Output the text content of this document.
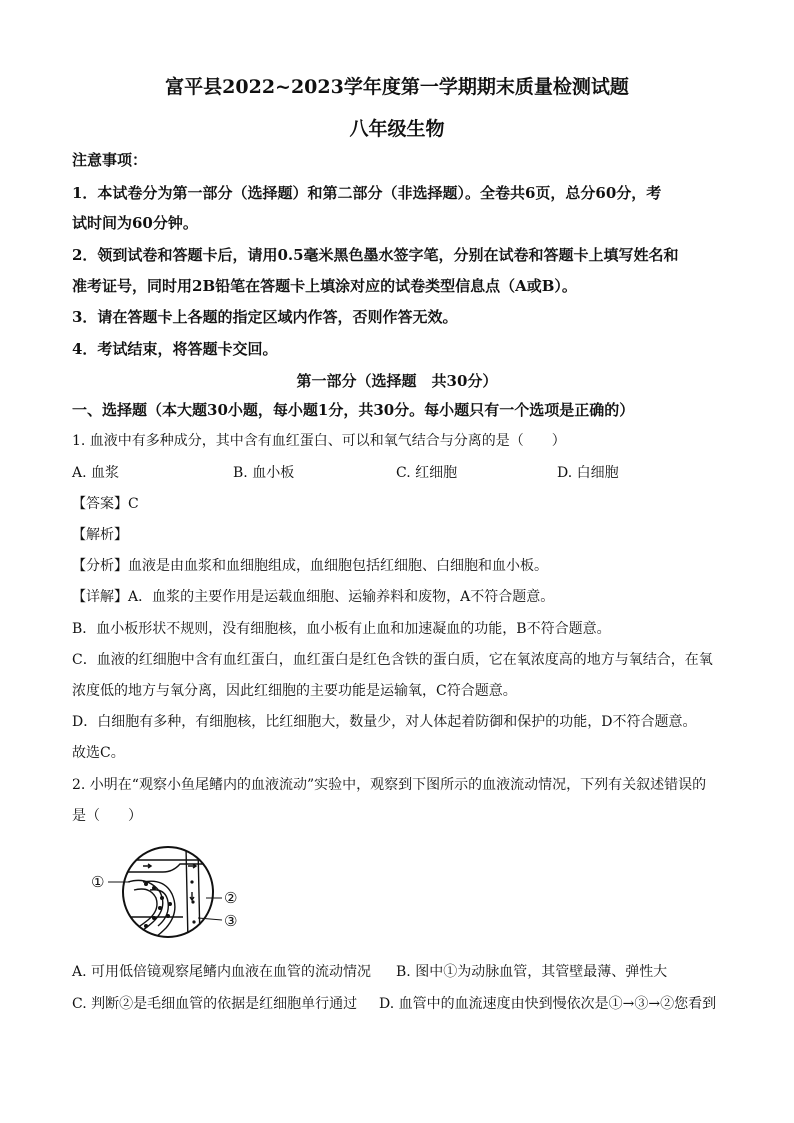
富平县2022~2023学年度第一学期期末质量检测试题
八年级生物
注意事项：
1．本试卷分为第一部分（选择题）和第二部分（非选择题）。全卷共6页，总分60分，考
试时间为60分钟。
2．领到试卷和答题卡后，请用0.5毫米黑色墨水签字笔，分别在试卷和答题卡上填写姓名和
准考证号，同时用2B铅笔在答题卡上填涂对应的试卷类型信息点（A或B）。
3．请在答题卡上各题的指定区域内作答，否则作答无效。
4．考试结束，将答题卡交回。
第一部分（选择题　共30分）
一、选择题（本大题30小题，每小题1分，共30分。每小题只有一个选项是正确的）
1. 血液中有多种成分，其中含有血红蛋白、可以和氧气结合与分离的是（　　）
A. 血浆	B. 血小板	C. 红细胞	D. 白细胞
【答案】C
【解析】
【分析】血液是由血浆和血细胞组成，血细胞包括红细胞、白细胞和血小板。
【详解】A．血浆的主要作用是运载血细胞、运输养料和废物，A不符合题意。
B．血小板形状不规则，没有细胞核，血小板有止血和加速凝血的功能，B不符合题意。
C．血液的红细胞中含有血红蛋白，血红蛋白是红色含铁的蛋白质，它在氧浓度高的地方与氧结合，在氧
浓度低的地方与氧分离，因此红细胞的主要功能是运输氧，C符合题意。
D．白细胞有多种，有细胞核，比红细胞大，数量少，对人体起着防御和保护的功能，D不符合题意。
故选C。
2. 小明在“观察小鱼尾鳍内的血液流动”实验中，观察到下图所示的血液流动情况，下列有关叙述错误的
是（　　）
①
②
③
A. 可用低倍镜观察尾鳍内血液在血管的流动情况 B. 图中①为动脉血管，其管壁最薄、弹性大
C. 判断②是毛细血管的依据是红细胞单行通过 D. 血管中的血流速度由快到慢依次是①→③→②您看到
